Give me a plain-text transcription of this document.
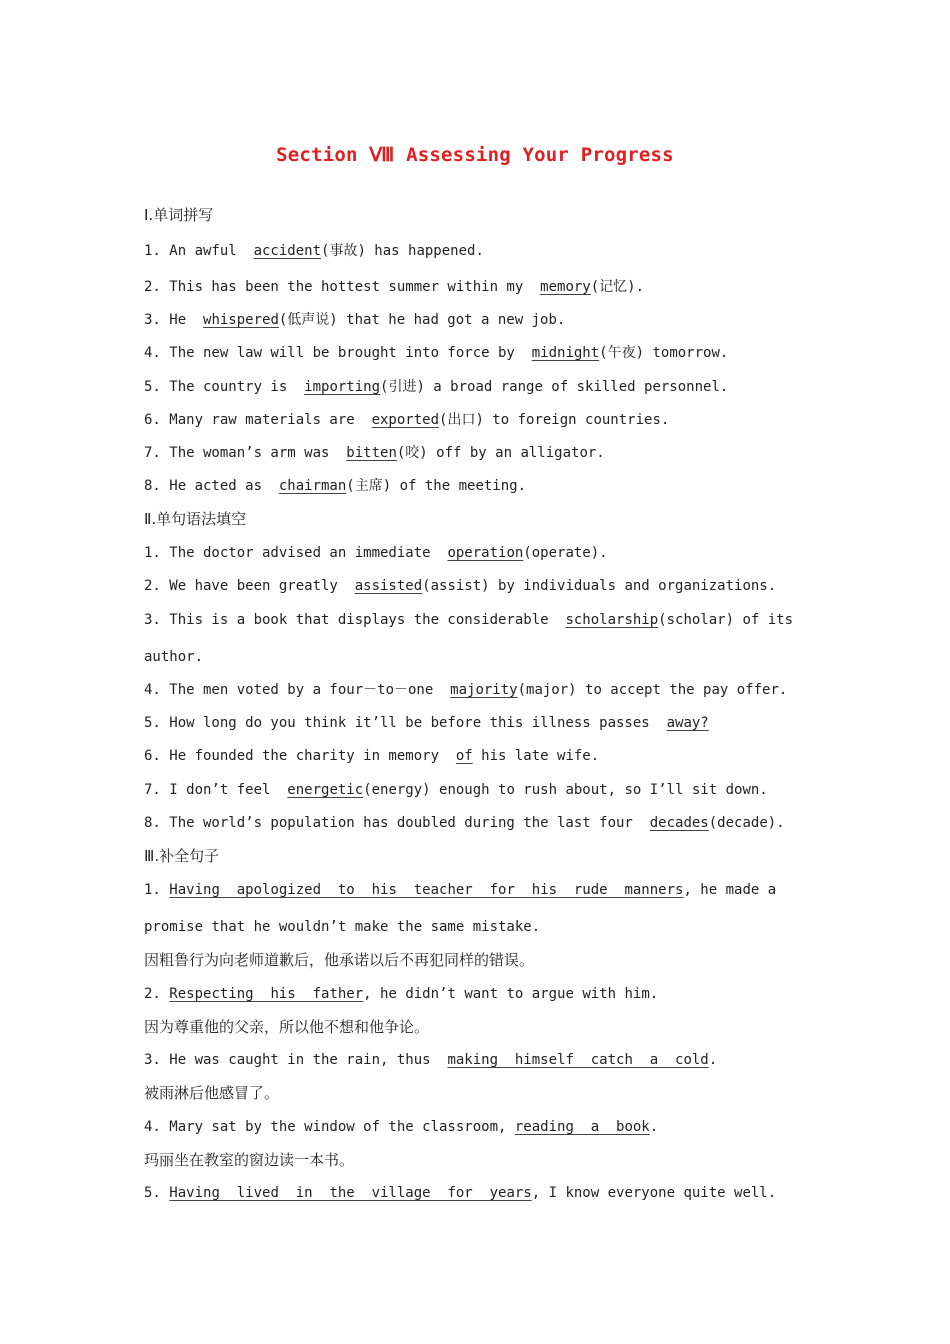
Section Ⅷ Assessing Your Progress
Ⅰ.单词拼写
1. An awful  accident(事故) has happened.
2. This has been the hottest summer within my  memory(记忆).
3. He  whispered(低声说) that he had got a new job.
4. The new law will be brought into force by  midnight(午夜) tomorrow.
5. The country is  importing(引进) a broad range of skilled personnel.
6. Many raw materials are  exported(出口) to foreign countries.
7. The woman’s arm was  bitten(咬) off by an alligator.
8. He acted as  chairman(主席) of the meeting.
Ⅱ.单句语法填空
1. The doctor advised an immediate  operation(operate).
2. We have been greatly  assisted(assist) by individuals and organizations.
3. This is a book that displays the considerable  scholarship(scholar) of its
author.
4. The men voted by a four－to－one  majority(major) to accept the pay offer.
5. How long do you think it’ll be before this illness passes  away?
6. He founded the charity in memory  of his late wife.
7. I don’t feel  energetic(energy) enough to rush about, so I’ll sit down.
8. The world’s population has doubled during the last four  decades(decade).
Ⅲ.补全句子
1. Having  apologized  to  his  teacher  for  his  rude  manners, he made a
promise that he wouldn’t make the same mistake.
因粗鲁行为向老师道歉后，他承诺以后不再犯同样的错误。
2. Respecting  his  father, he didn’t want to argue with him.
因为尊重他的父亲，所以他不想和他争论。
3. He was caught in the rain, thus  making  himself  catch  a  cold.
被雨淋后他感冒了。
4. Mary sat by the window of the classroom, reading  a  book.
玛丽坐在教室的窗边读一本书。
5. Having  lived  in  the  village  for  years, I know everyone quite well.
